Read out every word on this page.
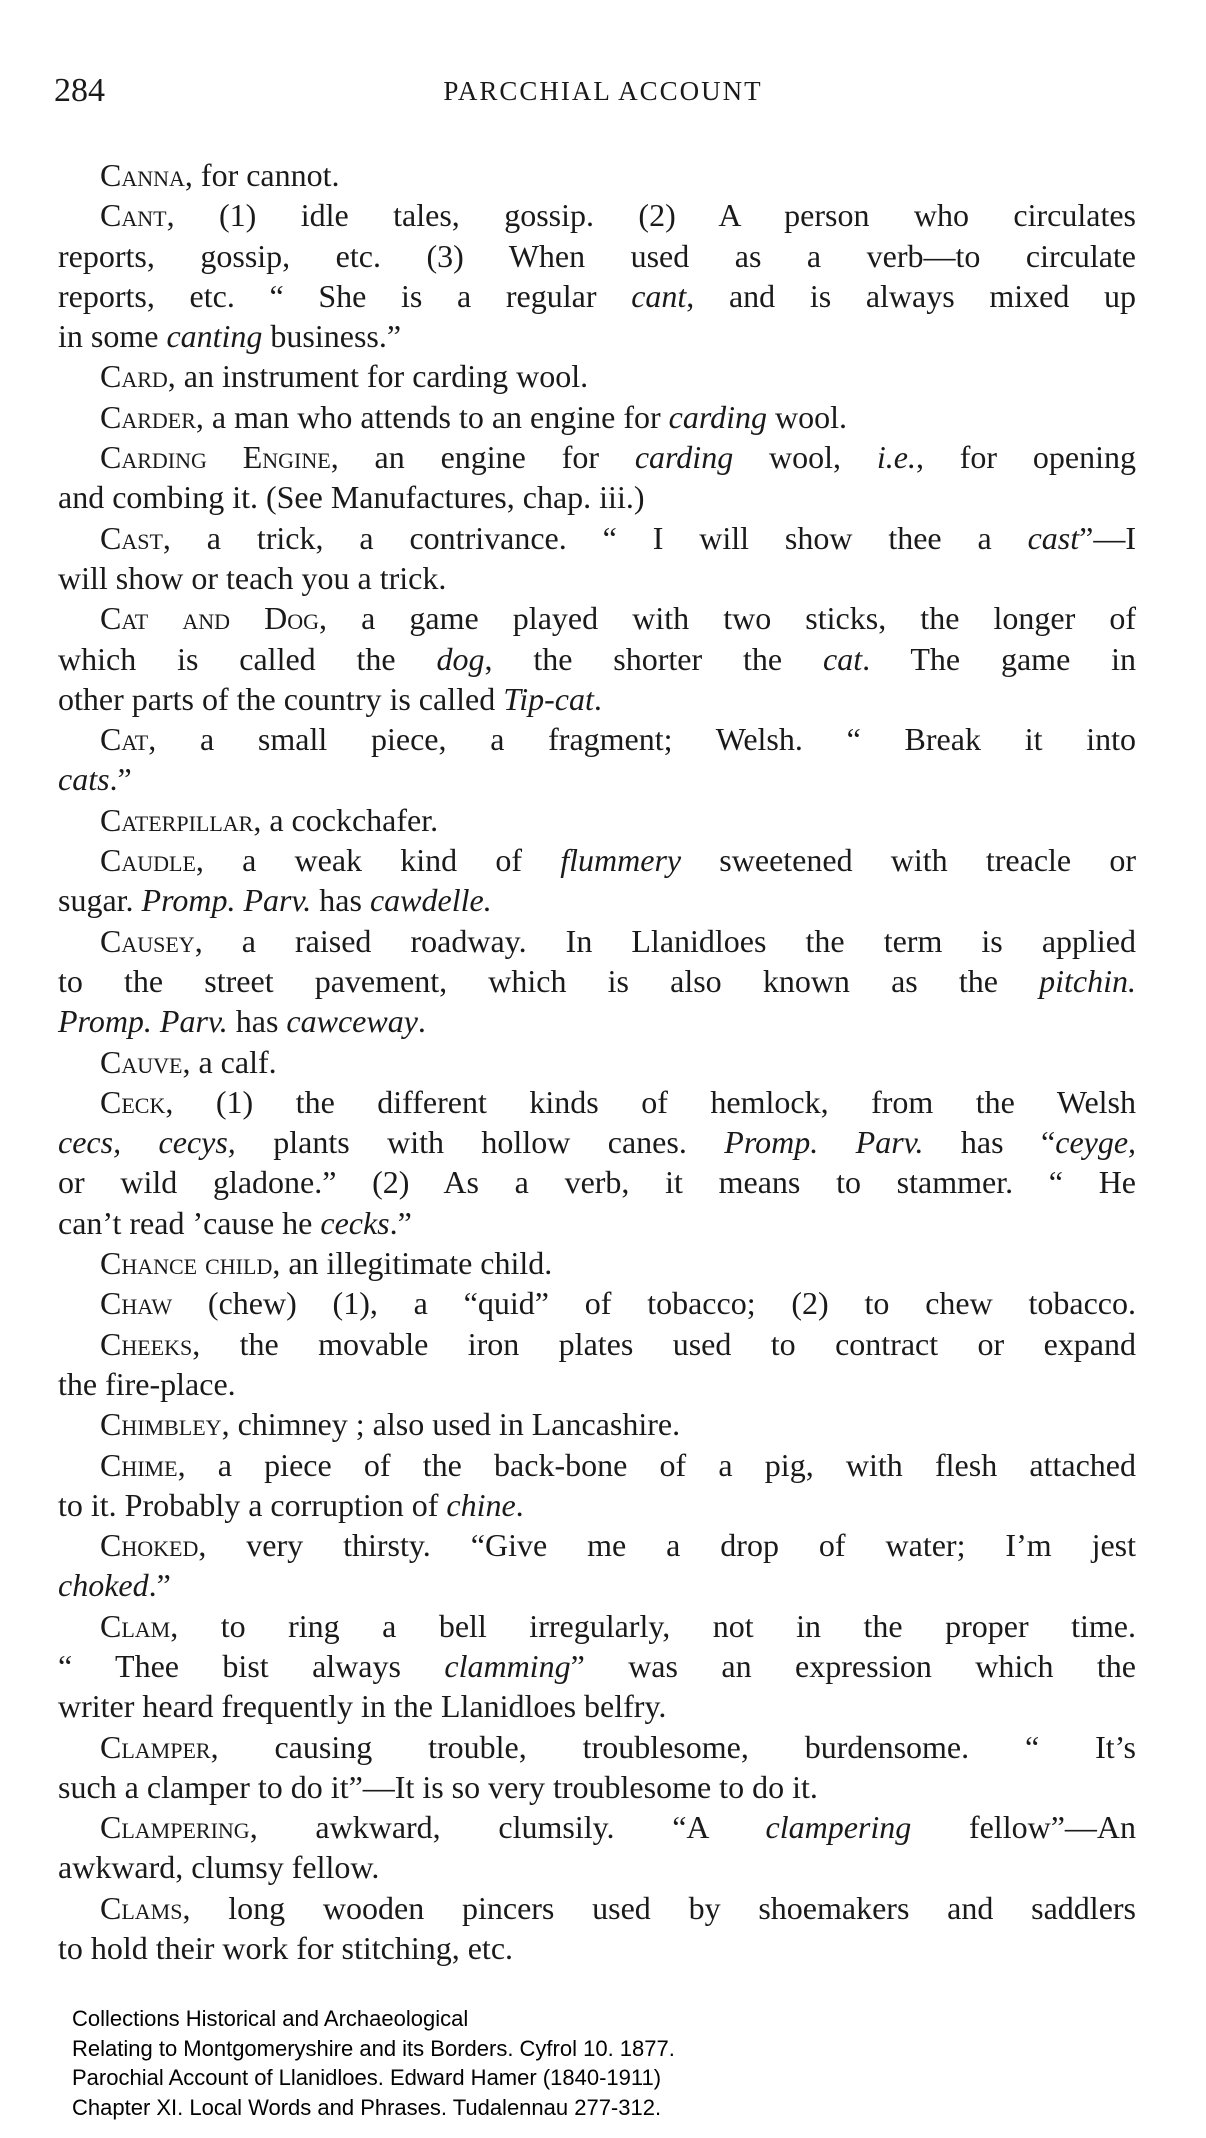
284	PARCCHIAL ACCOUNT
Canna, for cannot.
Cant, (1) idle tales, gossip. (2) A person who circulates
reports, gossip, etc. (3) When used as a verb—to circulate
reports, etc. “ She is a regular cant, and is always mixed up
in some canting business.”
Card, an instrument for carding wool.
Carder, a man who attends to an engine for carding wool.
Carding Engine, an engine for carding wool, i.e., for opening
and combing it. (See Manufactures, chap. iii.)
Cast, a trick, a contrivance. “ I will show thee a cast”—I
will show or teach you a trick.
Cat and Dog, a game played with two sticks, the longer of
which is called the dog, the shorter the cat. The game in
other parts of the country is called Tip-cat.
Cat, a small piece, a fragment; Welsh. “ Break it into
cats.”
Caterpillar, a cockchafer.
Caudle, a weak kind of flummery sweetened with treacle or
sugar. Promp. Parv. has cawdelle.
Causey, a raised roadway. In Llanidloes the term is applied
to the street pavement, which is also known as the pitchin.
Promp. Parv. has cawceway.
Cauve, a calf.
Ceck, (1) the different kinds of hemlock, from the Welsh
cecs, cecys, plants with hollow canes. Promp. Parv. has “ceyge,
or wild gladone.” (2) As a verb, it means to stammer. “ He
can’t read ’cause he cecks.”
Chance child, an illegitimate child.
Chaw (chew) (1), a “quid” of tobacco; (2) to chew tobacco.
Cheeks, the movable iron plates used to contract or expand
the fire-place.
Chimbley, chimney ; also used in Lancashire.
Chime, a piece of the back-bone of a pig, with flesh attached
to it. Probably a corruption of chine.
Choked, very thirsty. “Give me a drop of water; I’m jest
choked.”
Clam, to ring a bell irregularly, not in the proper time.
“ Thee bist always clamming” was an expression which the
writer heard frequently in the Llanidloes belfry.
Clamper, causing trouble, troublesome, burdensome. “ It’s
such a clamper to do it”—It is so very troublesome to do it.
Clampering, awkward, clumsily. “A clampering fellow”—An
awkward, clumsy fellow.
Clams, long wooden pincers used by shoemakers and saddlers
to hold their work for stitching, etc.
Collections Historical and Archaeological
Relating to Montgomeryshire and its Borders. Cyfrol 10. 1877.
Parochial Account of Llanidloes. Edward Hamer (1840-1911)
Chapter XI. Local Words and Phrases. Tudalennau 277-312.
